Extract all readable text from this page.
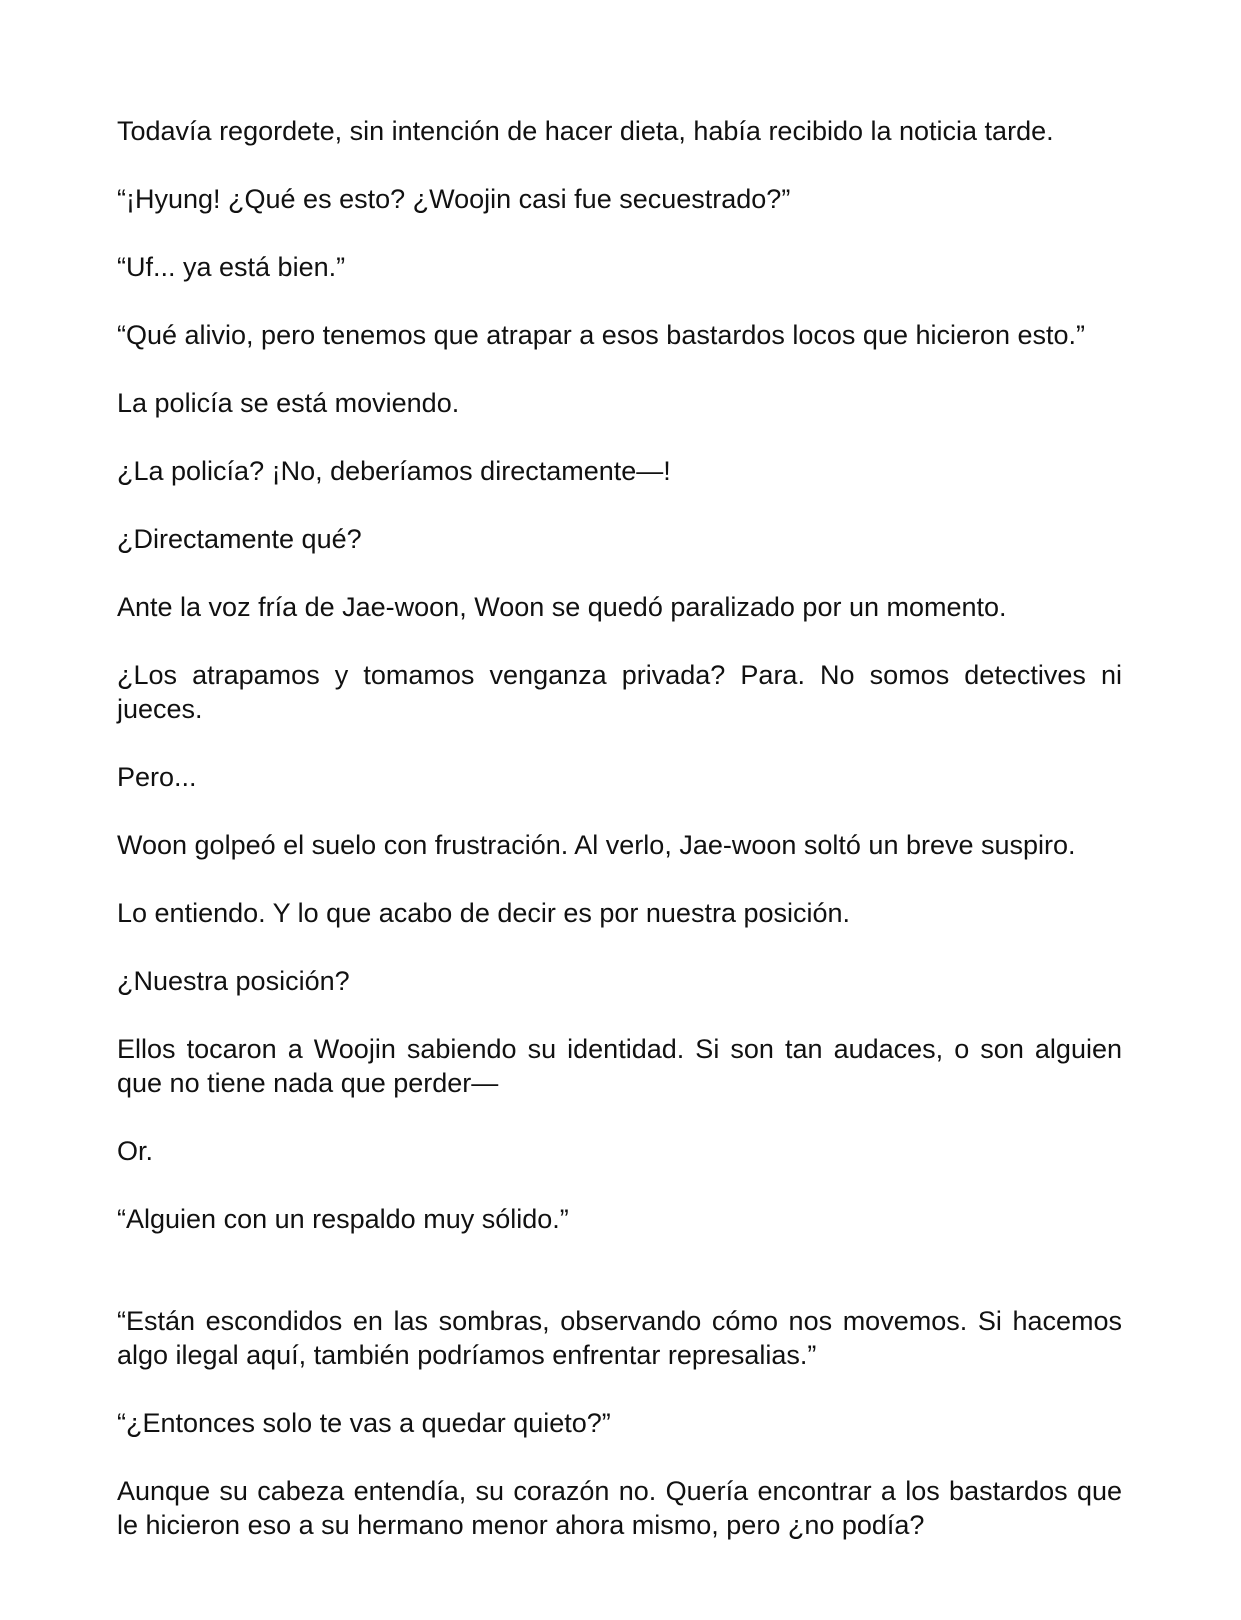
Todavía regordete, sin intención de hacer dieta, había recibido la noticia tarde.

“¡Hyung! ¿Qué es esto? ¿Woojin casi fue secuestrado?”

“Uf... ya está bien.”

“Qué alivio, pero tenemos que atrapar a esos bastardos locos que hicieron esto.”

La policía se está moviendo.

¿La policía? ¡No, deberíamos directamente—!

¿Directamente qué?

Ante la voz fría de Jae-woon, Woon se quedó paralizado por un momento.

¿Los atrapamos y tomamos venganza privada? Para. No somos detectives ni jueces.

Pero...

Woon golpeó el suelo con frustración. Al verlo, Jae-woon soltó un breve suspiro.

Lo entiendo. Y lo que acabo de decir es por nuestra posición.

¿Nuestra posición?

Ellos tocaron a Woojin sabiendo su identidad. Si son tan audaces, o son alguien que no tiene nada que perder—

Or.

“Alguien con un respaldo muy sólido.”

“Están escondidos en las sombras, observando cómo nos movemos. Si hacemos algo ilegal aquí, también podríamos enfrentar represalias.”

“¿Entonces solo te vas a quedar quieto?”

Aunque su cabeza entendía, su corazón no. Quería encontrar a los bastardos que le hicieron eso a su hermano menor ahora mismo, pero ¿no podía?
